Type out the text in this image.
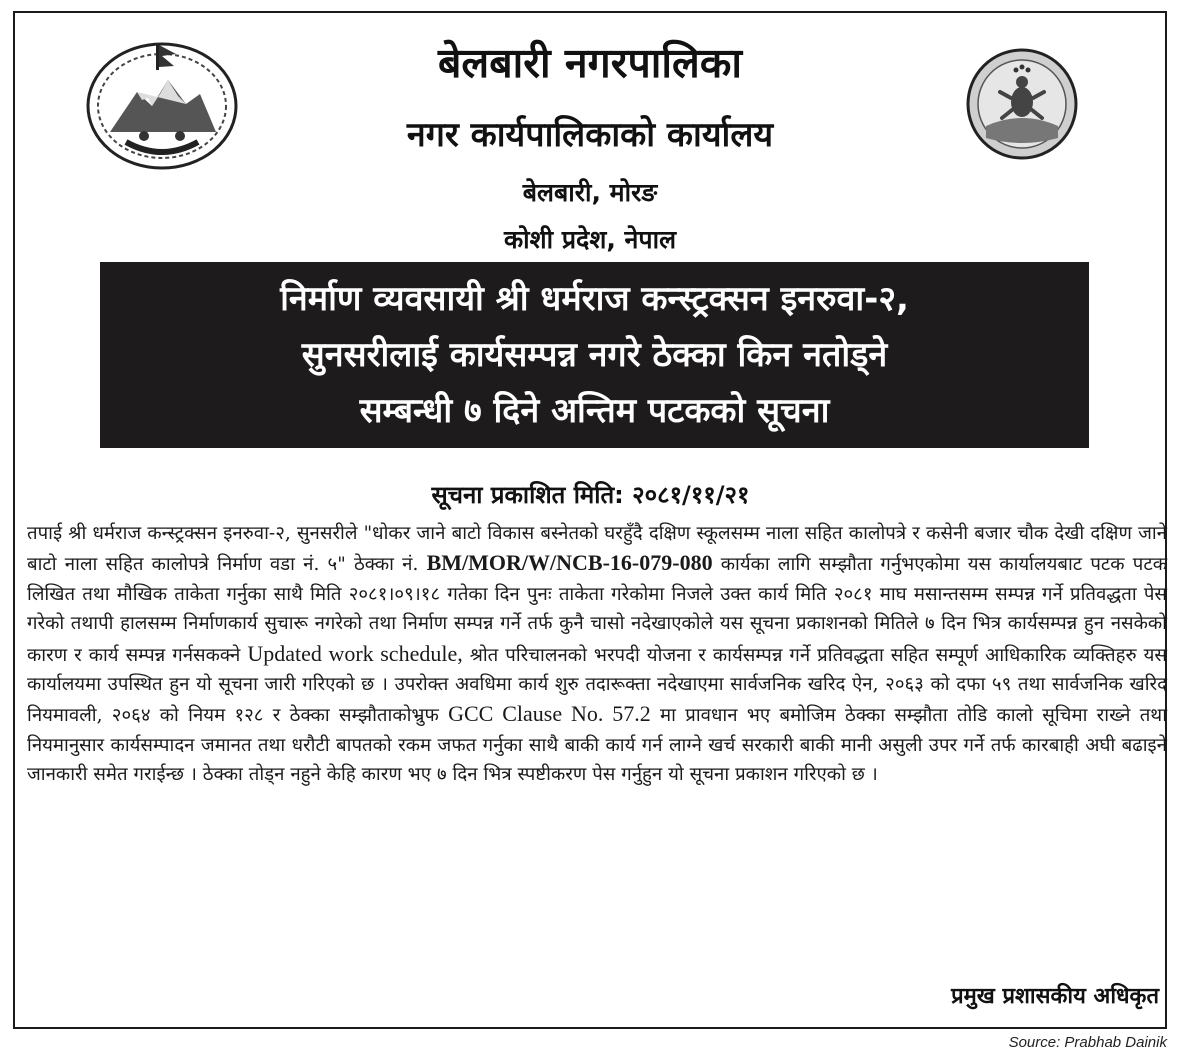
बेलबारी नगरपालिका
नगर कार्यपालिकाको कार्यालय
बेलबारी, मोरङ
कोशी प्रदेश, नेपाल
निर्माण व्यवसायी श्री धर्मराज कन्स्ट्रक्सन इनरुवा-२,
सुनसरीलाई कार्यसम्पन्न नगरे ठेक्का किन नतोड्ने
सम्बन्धी ७ दिने अन्तिम पटकको सूचना
सूचना प्रकाशित मिति: २०८१/११/२१
तपाई श्री धर्मराज कन्स्ट्रक्सन इनरुवा-२, सुनसरीले "धोकर जाने बाटो विकास बस्नेतको घरहुँदै दक्षिण स्कूलसम्म नाला सहित कालोपत्रे र कसेनी बजार चौक देखी दक्षिण जाने बाटो नाला सहित कालोपत्रे निर्माण वडा नं. ५" ठेक्का नं. BM/MOR/W/NCB-16-079-080 कार्यका लागि सम्झौता गर्नुभएकोमा यस कार्यालयबाट पटक पटक लिखित तथा मौखिक ताकेता गर्नुका साथै मिति २०८१।०९।१८ गतेका दिन पुनः ताकेता गरेकोमा निजले उक्त कार्य मिति २०८१ माघ मसान्तसम्म सम्पन्न गर्ने प्रतिवद्धता पेस गरेको तथापी हालसम्म निर्माणकार्य सुचारू नगरेको तथा निर्माण सम्पन्न गर्ने तर्फ कुनै चासो नदेखाएकोले यस सूचना प्रकाशनको मितिले ७ दिन भित्र कार्यसम्पन्न हुन नसकेको कारण र कार्य सम्पन्न गर्नसकक्ने Updated work schedule, श्रोत परिचालनको भरपदी योजना र कार्यसम्पन्न गर्ने प्रतिवद्धता सहित सम्पूर्ण आधिकारिक व्यक्तिहरु यस कार्यालयमा उपस्थित हुन यो सूचना जारी गरिएको छ । उपरोक्त अवधिमा कार्य शुरु तदारूक्ता नदेखाएमा सार्वजनिक खरिद ऐन, २०६३ को दफा ५९ तथा सार्वजनिक खरिद नियमावली, २०६४ को नियम १२८ र ठेक्का सम्झौताकोभ्रुफ GCC Clause No. 57.2 मा प्रावधान भए बमोजिम ठेक्का सम्झौता तोडि कालो सूचिमा राख्ने तथा नियमानुसार कार्यसम्पादन जमानत तथा धरौटी बापतको रकम जफत गर्नुका साथै बाकी कार्य गर्न लाग्ने खर्च सरकारी बाकी मानी असुली उपर गर्ने तर्फ कारबाही अघी बढाइने जानकारी समेत गराईन्छ । ठेक्का तोड्न नहुने केहि कारण भए ७ दिन भित्र स्पष्टीकरण पेस गर्नुहुन यो सूचना प्रकाशन गरिएको छ ।
प्रमुख प्रशासकीय अधिकृत
Source: Prabhab Dainik
